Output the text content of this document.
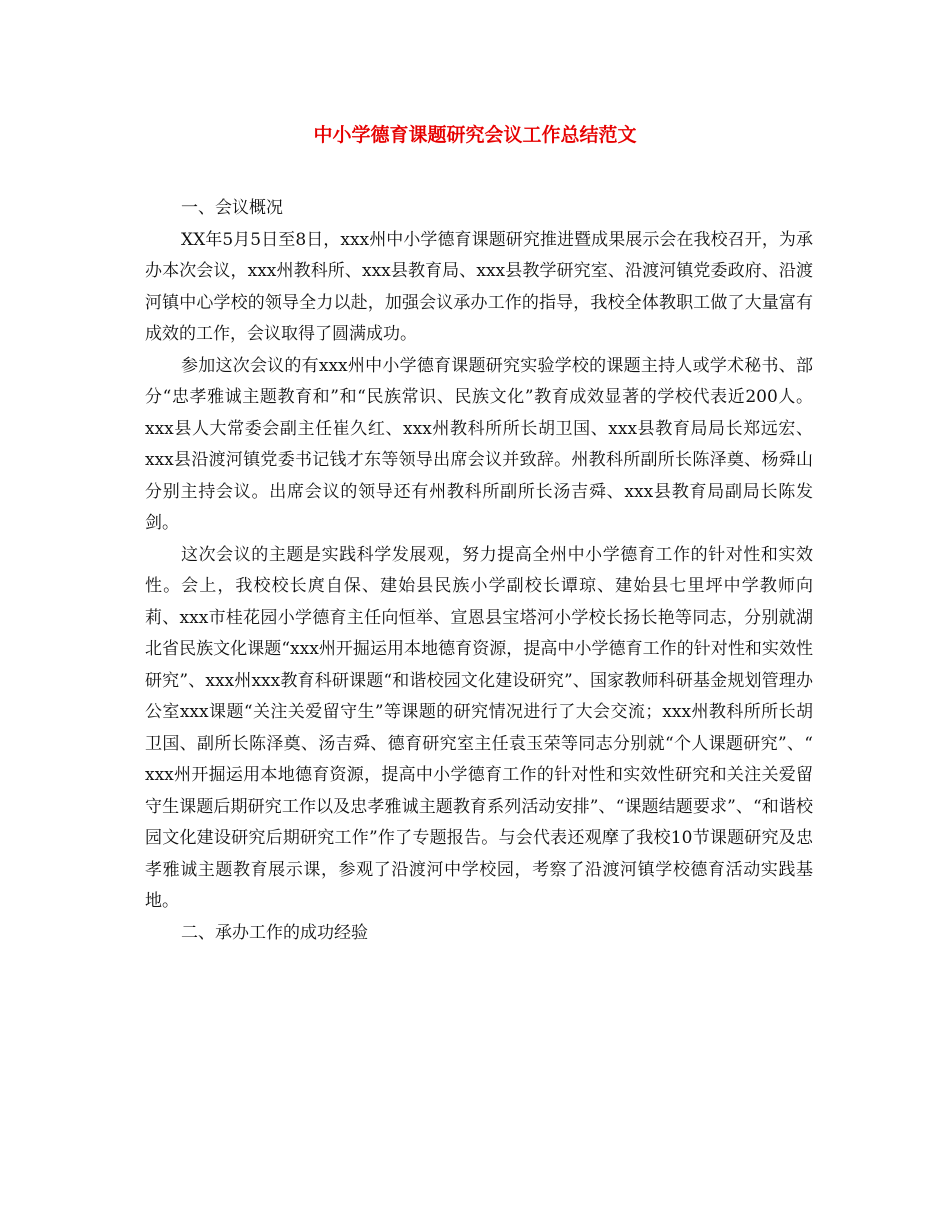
中小学德育课题研究会议工作总结范文

一、会议概况

XX年5月5日至8日，xxx州中小学德育课题研究推进暨成果展示会在我校召开，为承办本次会议，xxx州教科所、xxx县教育局、xxx县教学研究室、沿渡河镇党委政府、沿渡河镇中心学校的领导全力以赴，加强会议承办工作的指导，我校全体教职工做了大量富有成效的工作，会议取得了圆满成功。

参加这次会议的有xxx州中小学德育课题研究实验学校的课题主持人或学术秘书、部分“忠孝雅诚主题教育和”和“民族常识、民族文化”教育成效显著的学校代表近200人。xxx县人大常委会副主任崔久红、xxx州教科所所长胡卫国、xxx县教育局局长郑远宏、xxx县沿渡河镇党委书记钱才东等领导出席会议并致辞。州教科所副所长陈泽奠、杨舜山分别主持会议。出席会议的领导还有州教科所副所长汤吉舜、xxx县教育局副局长陈发剑。

这次会议的主题是实践科学发展观，努力提高全州中小学德育工作的针对性和实效性。会上，我校校长庹自保、建始县民族小学副校长谭琼、建始县七里坪中学教师向 莉、xxx市桂花园小学德育主任向恒举、宣恩县宝塔河小学校长扬长艳等同志，分别就湖北省民族文化课题“xxx州开掘运用本地德育资源，提高中小学德育工作的针对性和实效性研究”、xxx州xxx教育科研课题“和谐校园文化建设研究”、国家教师科研基金规划管理办公室xxx课题“关注关爱留守生”等课题的研究情况进行了大会交流；xxx州教科所所长胡卫国、副所长陈泽奠、汤吉舜、德育研究室主任袁玉荣等同志分别就“个人课题研究”、“ xxx州开掘运用本地德育资源，提高中小学德育工作的针对性和实效性研究和关注关爱留守生课题后期研究工作以及忠孝雅诚主题教育系列活动安排”、“课题结题要求”、“和谐校园文化建设研究后期研究工作”作了专题报告。与会代表还观摩了我校10节课题研究及忠孝雅诚主题教育展示课，参观了沿渡河中学校园，考察了沿渡河镇学校德育活动实践基地。

二、承办工作的成功经验
